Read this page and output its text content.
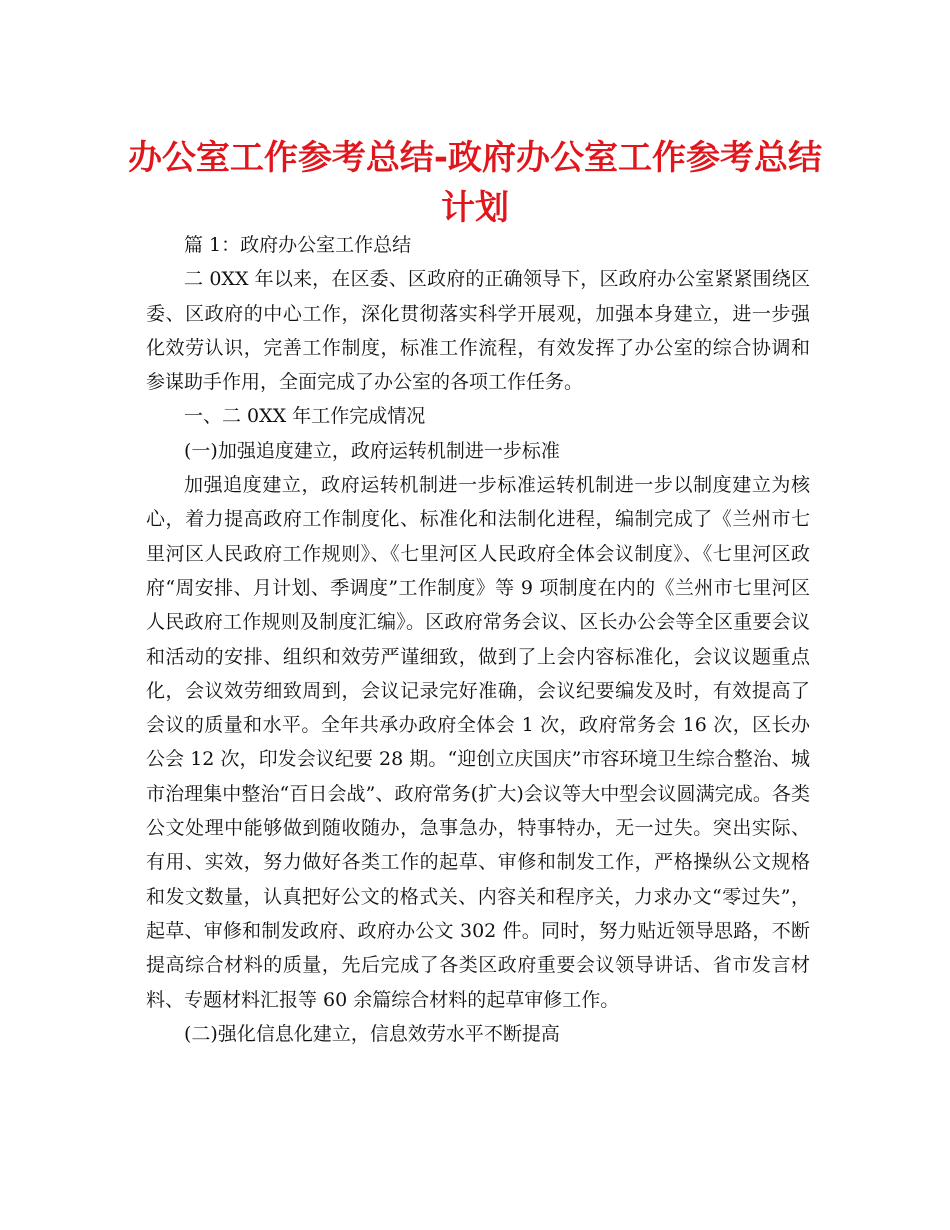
办公室工作参考总结-政府办公室工作参考总结
计划

篇 1：政府办公室工作总结

二 0XX 年以来，在区委、区政府的正确领导下，区政府办公室紧紧围绕区委、区政府的中心工作，深化贯彻落实科学开展观，加强本身建立，进一步强化效劳认识，完善工作制度，标准工作流程，有效发挥了办公室的综合协调和参谋助手作用，全面完成了办公室的各项工作任务。

一、二 0XX 年工作完成情况

(一)加强追度建立，政府运转机制进一步标准

加强追度建立，政府运转机制进一步标准运转机制进一步以制度建立为核心，着力提高政府工作制度化、标准化和法制化进程，编制完成了《兰州市七里河区人民政府工作规则》、《七里河区人民政府全体会议制度》、《七里河区政府“周安排、月计划、季调度”工作制度》等 9 项制度在内的《兰州市七里河区人民政府工作规则及制度汇编》。区政府常务会议、区长办公会等全区重要会议和活动的安排、组织和效劳严谨细致，做到了上会内容标准化，会议议题重点化，会议效劳细致周到，会议记录完好准确，会议纪要编发及时，有效提高了会议的质量和水平。全年共承办政府全体会 1 次，政府常务会 16 次，区长办公会 12 次，印发会议纪要 28 期。“迎创立庆国庆”市容环境卫生综合整治、城市治理集中整治“百日会战”、政府常务(扩大)会议等大中型会议圆满完成。各类公文处理中能够做到随收随办，急事急办，特事特办，无一过失。突出实际、有用、实效，努力做好各类工作的起草、审修和制发工作，严格操纵公文规格和发文数量，认真把好公文的格式关、内容关和程序关，力求办文“零过失”，起草、审修和制发政府、政府办公文 302 件。同时，努力贴近领导思路，不断提高综合材料的质量，先后完成了各类区政府重要会议领导讲话、省市发言材料、专题材料汇报等 60 余篇综合材料的起草审修工作。

(二)强化信息化建立，信息效劳水平不断提高
